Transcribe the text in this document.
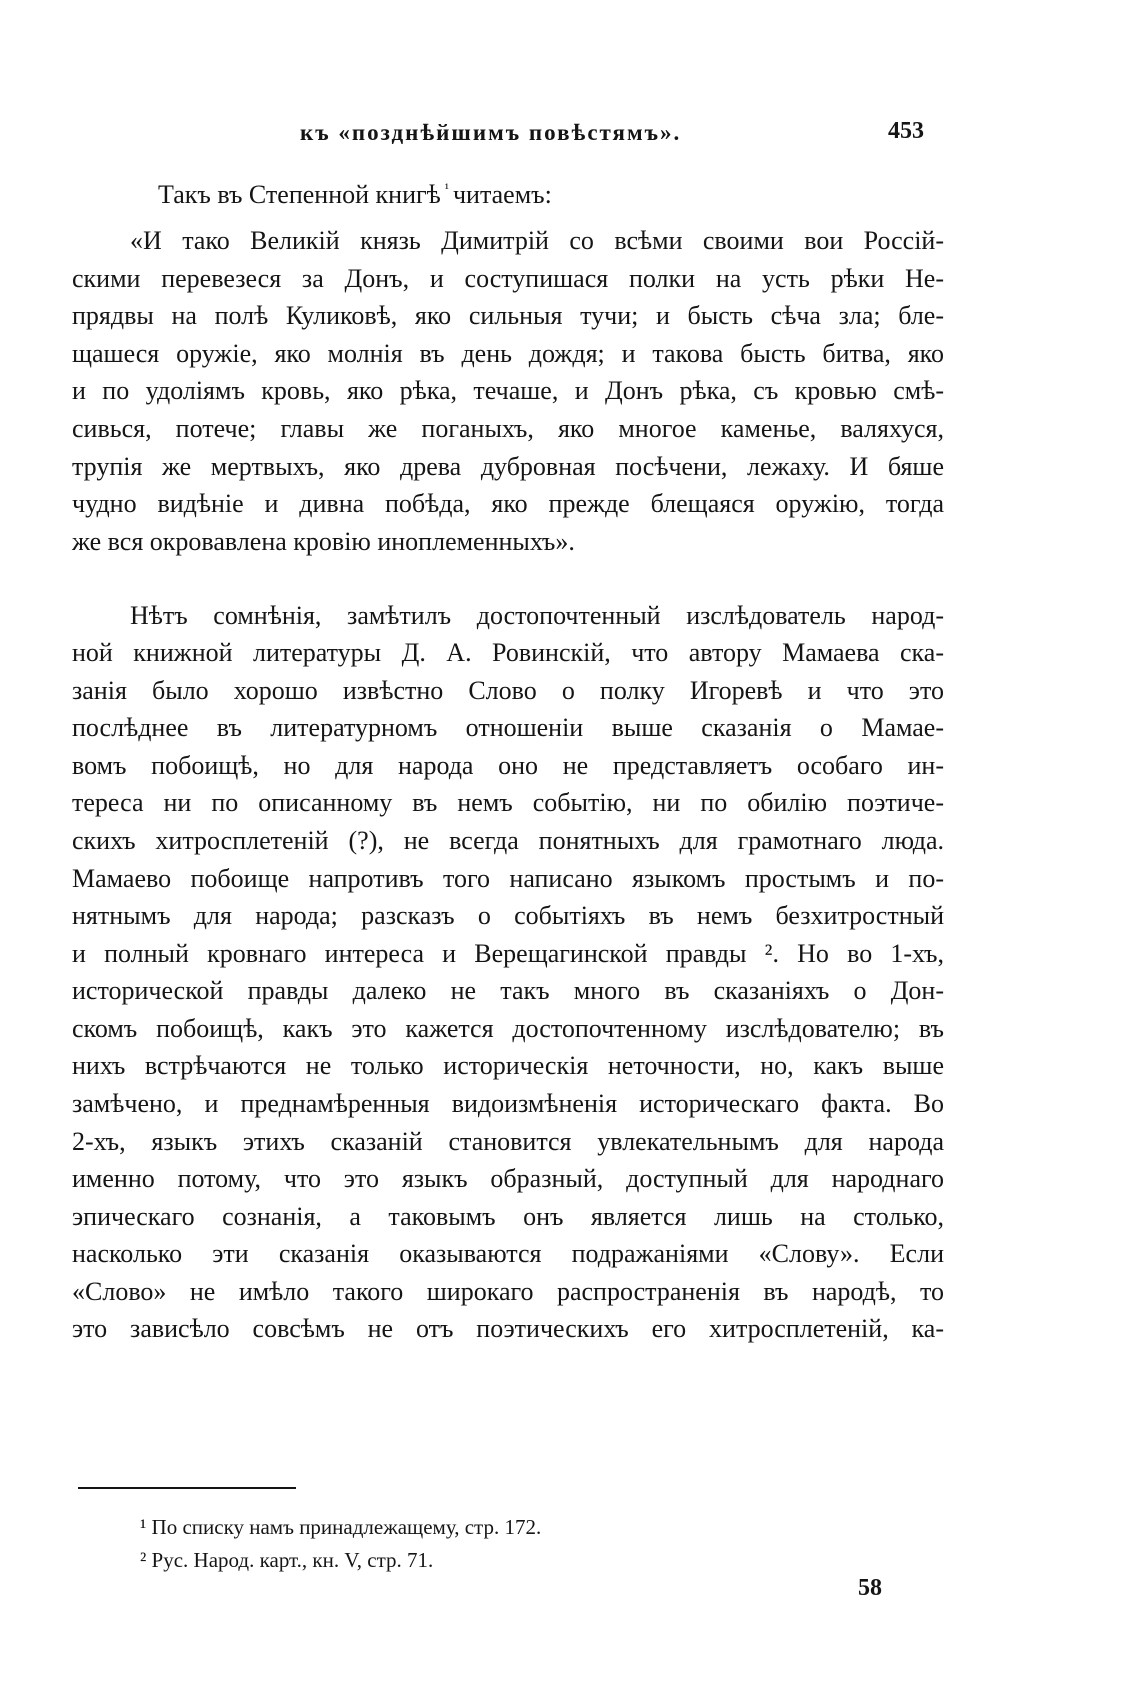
къ «позднѣйшимъ повѣстямъ».	453
Такъ въ Степенной книгѣ $^{^1}$ читаемъ:
«И тако Великій князь Димитрій со всѣми своими вои Россій-
скими перевезеся за Донъ, и соступишася полки на усть рѣки Не-
прядвы на полѣ Куликовѣ, яко сильныя тучи; и бысть сѣча зла; бле-
щашеся оружіе, яко молнія въ день дождя; и такова бысть битва, яко
и по удоліямъ кровь, яко рѣка, течаше, и Донъ рѣка, съ кровью смѣ-
сивься, потече; главы же поганыхъ, яко многое каменье, валяхуся,
трупія же мертвыхъ, яко древа дубровная посѣчени, лежаху. И бяше
чудно видѣніе и дивна побѣда, яко прежде блещаяся оружію, тогда
же вся окровавлена кровію иноплеменныхъ».
Нѣтъ сомнѣнія, замѣтилъ достопочтенный изслѣдователь народ-
ной книжной литературы Д. А. Ровинскій, что автору Мамаева ска-
занія было хорошо извѣстно Слово о полку Игоревѣ и что это
послѣднее въ литературномъ отношеніи выше сказанія о Мамае-
вомъ побоищѣ, но для народа оно не представляетъ особаго ин-
тереса ни по описанному въ немъ событію, ни по обилію поэтиче-
скихъ хитросплетеній (?), не всегда понятныхъ для грамотнаго люда.
Мамаево побоище напротивъ того написано языкомъ простымъ и по-
нятнымъ для народа; разсказъ о событіяхъ въ немъ безхитростный
и полный кровнаго интереса и Верещагинской правды ². Но во 1-хъ,
исторической правды далеко не такъ много въ сказаніяхъ о Дон-
скомъ побоищѣ, какъ это кажется достопочтенному изслѣдователю; въ
нихъ встрѣчаются не только историческія неточности, но, какъ выше
замѣчено, и преднамѣренныя видоизмѣненія историческаго факта. Во
2-хъ, языкъ этихъ сказаній становится увлекательнымъ для народа
именно потому, что это языкъ образный, доступный для народнаго
эпическаго сознанія, а таковымъ онъ является лишь на столько,
насколько эти сказанія оказываются подражаніями «Слову». Если
«Слово» не имѣло такого широкаго распространенія въ народѣ, то
это зависѣло совсѣмъ не отъ поэтическихъ его хитросплетеній, ка-
¹ По списку намъ принадлежащему, стр. 172.
² Рус. Народ. карт., кн. V, стр. 71.
58
